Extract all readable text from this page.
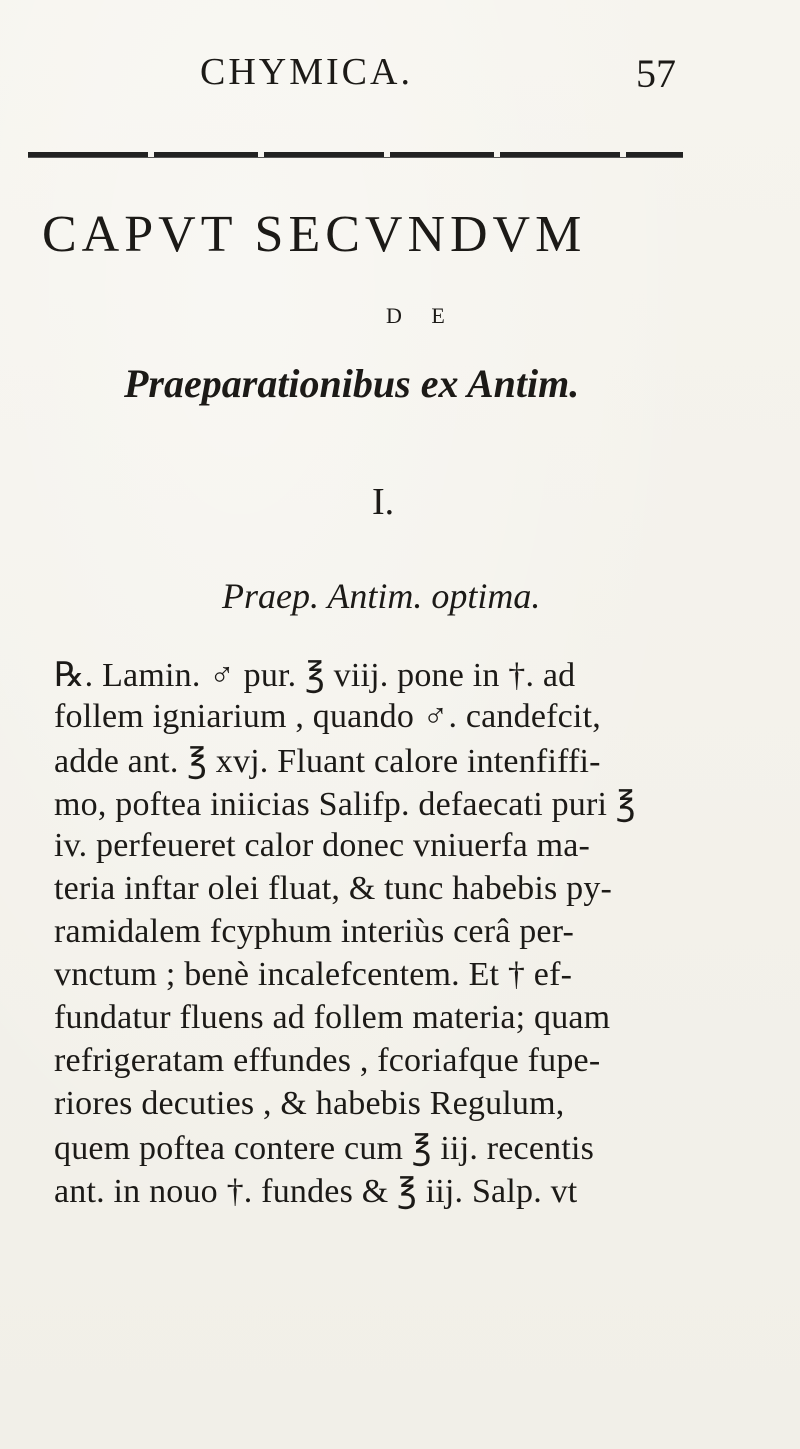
CHYMICA.	57
CAPVT SECVNDVM
D E
Praeparationibus ex Antim.
I.
Praep. Antim. optima.
℞. Lamin. ♂ pur. ℥ viij. pone in †. ad
follem igniarium , quando ♂. candefcit,
adde ant. ℥ xvj. Fluant calore intenfiffi-
mo, poftea iniicias Salifp. defaecati puri ℥
iv. perfeueret calor donec vniuerfa ma-
teria inftar olei fluat, & tunc habebis py-
ramidalem fcyphum interiùs cerâ per-
vnctum ; benè incalefcentem. Et † ef-
fundatur fluens ad follem materia; quam
refrigeratam effundes , fcoriafque fupe-
riores decuties , & habebis Regulum,
quem poftea contere cum ℥ iij. recentis
ant. in nouo †. fundes & ℥ iij. Salp. vt
